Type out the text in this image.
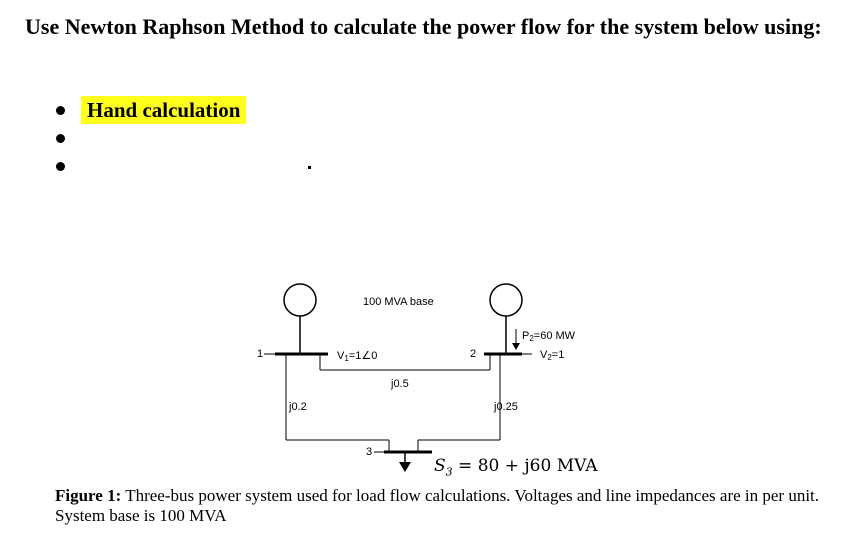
Use Newton Raphson Method to calculate the power flow for the system below using:
Hand calculation
100 MVA base
1	2
3
V1=1∠0
P2=60 MW
V2=1
j0.5
j0.2	j0.25
$S_3 = 80 + j60$ MVA
Figure 1: Three-bus power system used for load flow calculations. Voltages and line impedances are in per unit. System base is 100 MVA
